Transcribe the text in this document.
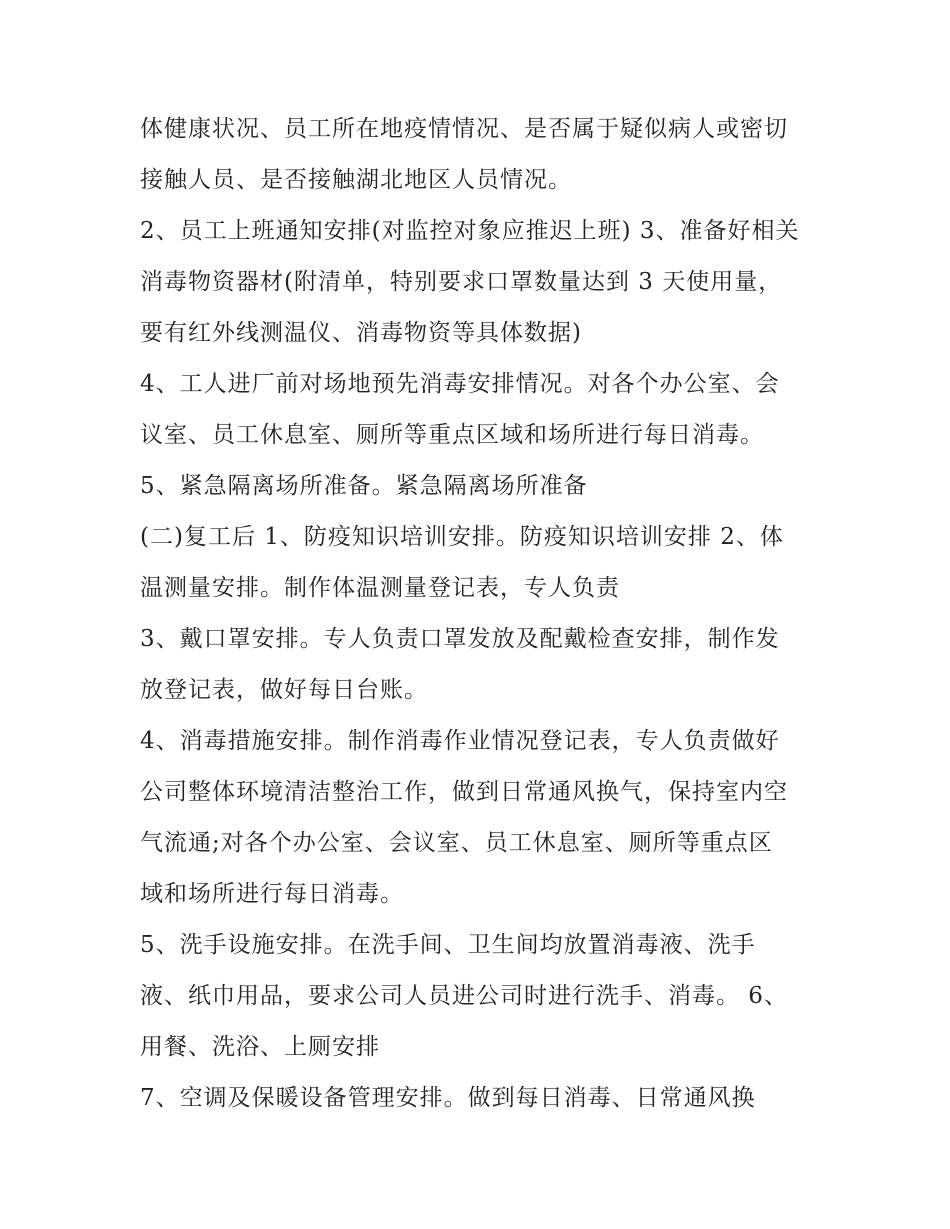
体健康状况、员工所在地疫情情况、是否属于疑似病人或密切
接触人员、是否接触湖北地区人员情况。
2、员工上班通知安排(对监控对象应推迟上班) 3、准备好相关
消毒物资器材(附清单，特别要求口罩数量达到 3 天使用量，
要有红外线测温仪、消毒物资等具体数据)
4、工人进厂前对场地预先消毒安排情况。对各个办公室、会
议室、员工休息室、厕所等重点区域和场所进行每日消毒。
5、紧急隔离场所准备。紧急隔离场所准备
(二)复工后 1、防疫知识培训安排。防疫知识培训安排 2、体
温测量安排。制作体温测量登记表，专人负责
3、戴口罩安排。专人负责口罩发放及配戴检查安排，制作发
放登记表，做好每日台账。
4、消毒措施安排。制作消毒作业情况登记表，专人负责做好
公司整体环境清洁整治工作，做到日常通风换气，保持室内空
气流通;对各个办公室、会议室、员工休息室、厕所等重点区
域和场所进行每日消毒。
5、洗手设施安排。在洗手间、卫生间均放置消毒液、洗手
液、纸巾用品，要求公司人员进公司时进行洗手、消毒。 6、
用餐、洗浴、上厕安排
7、空调及保暖设备管理安排。做到每日消毒、日常通风换
